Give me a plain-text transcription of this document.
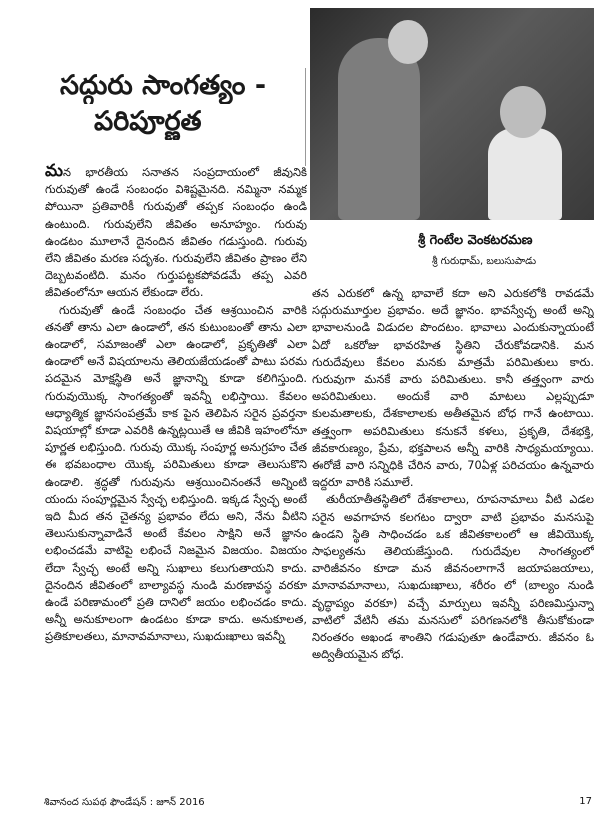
సద్గురు సాంగత్యం -
పరిపూర్ణత
శ్రీ గెంటేల వెంకటరమణ
శ్రీ గురుధామ్, బలుసుపాడు

మన భారతీయ సనాతన సంప్రదాయంలో జీవునికి గురువుతో ఉండే సంబంధం విశిష్టమైనది. నమ్మినా నమ్మక పోయినా ప్రతివారికీ గురువుతో తప్పక సంబంధం ఉండి ఉంటుంది. గురువులేని జీవితం అనూహ్యం. గురువు ఉండటం మూలానే దైనందిన జీవితం గడుస్తుంది. గురువు లేని జీవితం మరణ సదృశం. గురువులేని జీవితం ప్రాణం లేని దెబ్బటవంటిది. మనం గుర్తుపట్టకపోవడమే తప్ప ఎవరి జీవితంలోనూ ఆయన లేకుండా లేరు.

గురువుతో ఉండే సంబంధం చేత ఆశ్రయించిన వారికి తనతో తాను ఎలా ఉండాలో, తన కుటుంబంతో తాను ఎలా ఉండాలో, సమాజంతో ఎలా ఉండాలో, ప్రకృతితో ఎలా ఉండాలో అనే విషయాలను తెలియజేయడంతో పాటు పరమ పదమైన మోక్షస్థితి అనే జ్ఞానాన్ని కూడా కలిగిస్తుంది. గురువుయొక్క సాంగత్యంతో ఇవన్నీ లభిస్తాయి. కేవలం ఆధ్యాత్మిక జ్ఞానసంపత్రమే కాక పైన తెలిపిన సరైన ప్రవర్తనా విషయాల్లో కూడా ఎవరికి ఉన్నట్లయితే ఆ జీవికి ఇహంలోనూ పూర్ణత లభిస్తుంది. గురువు యొక్క సంపూర్ణ అనుగ్రహం చేత ఈ భవబంధాల యొక్క పరిమితులు కూడా తెలుసుకొని ఉండాలి. శ్రద్ధతో గురువును ఆశ్రయించినంతనే అన్నింటి యందు సంపూర్ణమైన స్వేచ్ఛ లభిస్తుంది. ఇక్కడ స్వేచ్ఛ అంటే ఇది మీద తన చైతన్య ప్రభావం లేదు అని, నేను వీటిని తెలుసుకున్నావాడినే అంటే కేవలం సాక్షిని అనే జ్ఞానం లభించడమే వాటిపై లభించే నిజమైన విజయం. విజయం లేదా స్వేచ్ఛ అంటే అన్ని సుఖాలు కలుగుతాయని కాదు. దైనందిన జీవితంలో బాల్యావస్థ నుండి మరణావస్థ వరకూ ఉండే పరిణామంలో ప్రతి దానిలో జయం లభించడం కాదు. అన్నీ అనుకూలంగా ఉండటం కూడా కాదు. అనుకూలత, ప్రతికూలతలు, మానావమానాలు, సుఖదుఃఖాలు ఇవన్నీ

తన ఎరుకలో ఉన్న భావాలే కదా అని ఎరుకలోకి రావడమే సద్గురుమూర్తుల ప్రభావం. అదే జ్ఞానం. భావస్వేచ్ఛ అంటే అన్ని భావాలనుండి విడుదల పొందటం. భావాలు ఎందుకున్నాయంటే ఏదో ఒకరోజు భావరహిత స్థితిని చేరుకోవడానికి. మన గురుదేవులు కేవలం మనకు మాత్రమే పరిమితులు కారు. గురువుగా మనకే వారు పరిమితులు. కానీ తత్త్వంగా వారు అపరిమితులు. అందుకే వారి మాటలు ఎల్లప్పుడూ కులమతాలకు, దేశకాలాలకు అతీతమైన బోధ గానే ఉంటాయి. తత్త్వంగా అపరిమితులు కనుకనే కళలు, ప్రకృతి, దేశభక్తి, జీవకారుణ్యం, ప్రేమ, భక్తపాలన అన్నీ వారికి సాధ్యమయ్యాయి. ఈరోజే వారి సన్నిధికి చేరిన వారు, 70ఏళ్ల పరిచయం ఉన్నవారు ఇద్దరూ వారికి సమూలే.

తురీయాతీతస్థితిలో దేశకాలాలు, రూపనామాలు వీటి ఎడల సరైన అవగాహన కలగటం ద్వారా వాటి ప్రభావం మనసుపై ఉండని స్థితి సాధించడం ఒక జీవితకాలంలో ఆ జీవియొక్క సాఫల్యతను తెలియజేస్తుంది. గురుదేవుల సాంగత్యంలో వారిజీవనం కూడా మన జీవనంలాగానే జయాపజయాలు, మానావమానాలు, సుఖదుఃఖాలు, శరీరం లో (బాల్యం నుండి వృద్ధాప్యం వరకూ) వచ్చే మార్పులు ఇవన్నీ పరిణమిస్తున్నా వాటిలో వేటినీ తమ మనసులో పరిగణనలోకి తీసుకోకుండా నిరంతరం అఖండ శాంతిని గడుపుతూ ఉండేవారు. జీవనం ఓ అద్వితీయమైన బోధ.

శివానంద సుపథ ఫౌండేషన్ : జూన్ 2016	17
